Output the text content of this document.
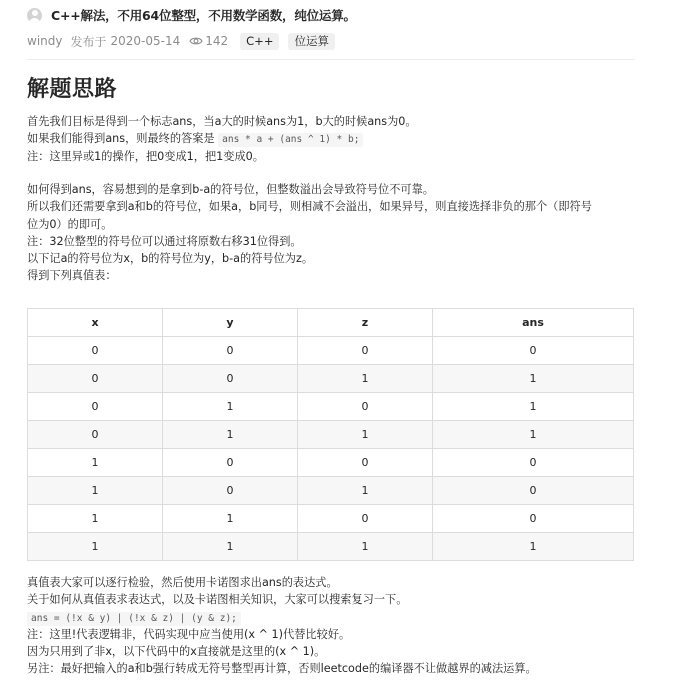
C++解法，不用64位整型，不用数学函数，纯位运算。
windy 发布于 2020-05-14 142	C++	位运算
解题思路
首先我们目标是得到一个标志ans，当a大的时候ans为1，b大的时候ans为0。
如果我们能得到ans，则最终的答案是 ans * a + (ans ^ 1) * b;
注：这里异或1的操作，把0变成1，把1变成0。
如何得到ans，容易想到的是拿到b-a的符号位，但整数溢出会导致符号位不可靠。
所以我们还需要拿到a和b的符号位，如果a，b同号，则相减不会溢出，如果异号，则直接选择非负的那个（即符号
位为0）的即可。
注：32位整型的符号位可以通过将原数右移31位得到。
以下记a的符号位为x，b的符号位为y，b-a的符号位为z。
得到下列真值表：
x	y	z	ans
0	0	0	0
0	0	1	1
0	1	0	1
0	1	1	1
1	0	0	0
1	0	1	0
1	1	0	0
1	1	1	1
真值表大家可以逐行检验，然后使用卡诺图求出ans的表达式。
关于如何从真值表求表达式，以及卡诺图相关知识，大家可以搜索复习一下。
ans = (!x & y) | (!x & z) | (y & z);
注：这里!代表逻辑非，代码实现中应当使用(x ^ 1)代替比较好。
因为只用到了非x，以下代码中的x直接就是这里的(x ^ 1)。
另注：最好把输入的a和b强行转成无符号整型再计算，否则leetcode的编译器不让做越界的减法运算。
